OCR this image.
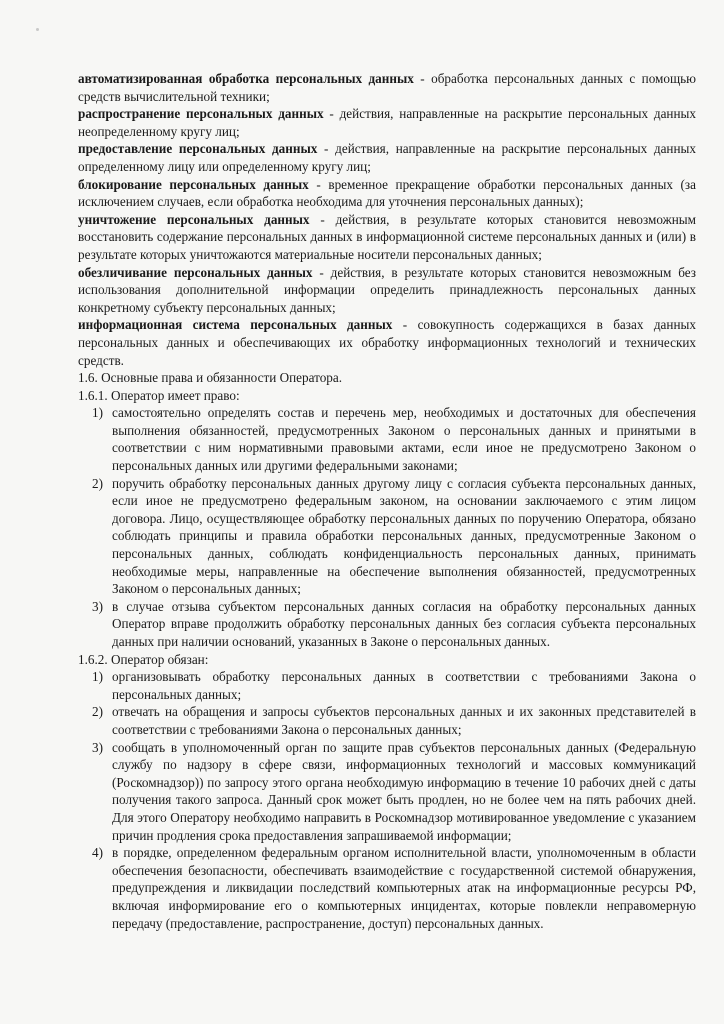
автоматизированная обработка персональных данных - обработка персональных данных с помощью средств вычислительной техники;

распространение персональных данных - действия, направленные на раскрытие персональных данных неопределенному кругу лиц;

предоставление персональных данных - действия, направленные на раскрытие персональных данных определенному лицу или определенному кругу лиц;

блокирование персональных данных - временное прекращение обработки персональных данных (за исключением случаев, если обработка необходима для уточнения персональных данных);

уничтожение персональных данных - действия, в результате которых становится невозможным восстановить содержание персональных данных в информационной системе персональных данных и (или) в результате которых уничтожаются материальные носители персональных данных;

обезличивание персональных данных - действия, в результате которых становится невозможным без использования дополнительной информации определить принадлежность персональных данных конкретному субъекту персональных данных;

информационная система персональных данных - совокупность содержащихся в базах данных персональных данных и обеспечивающих их обработку информационных технологий и технических средств.

1.6. Основные права и обязанности Оператора.

1.6.1. Оператор имеет право:

1) самостоятельно определять состав и перечень мер, необходимых и достаточных для обеспечения выполнения обязанностей, предусмотренных Законом о персональных данных и принятыми в соответствии с ним нормативными правовыми актами, если иное не предусмотрено Законом о персональных данных или другими федеральными законами;
2) поручить обработку персональных данных другому лицу с согласия субъекта персональных данных, если иное не предусмотрено федеральным законом, на основании заключаемого с этим лицом договора. Лицо, осуществляющее обработку персональных данных по поручению Оператора, обязано соблюдать принципы и правила обработки персональных данных, предусмотренные Законом о персональных данных, соблюдать конфиденциальность персональных данных, принимать необходимые меры, направленные на обеспечение выполнения обязанностей, предусмотренных Законом о персональных данных;
3) в случае отзыва субъектом персональных данных согласия на обработку персональных данных Оператор вправе продолжить обработку персональных данных без согласия субъекта персональных данных при наличии оснований, указанных в Законе о персональных данных.

1.6.2. Оператор обязан:

1) организовывать обработку персональных данных в соответствии с требованиями Закона о персональных данных;
2) отвечать на обращения и запросы субъектов персональных данных и их законных представителей в соответствии с требованиями Закона о персональных данных;
3) сообщать в уполномоченный орган по защите прав субъектов персональных данных (Федеральную службу по надзору в сфере связи, информационных технологий и массовых коммуникаций (Роскомнадзор)) по запросу этого органа необходимую информацию в течение 10 рабочих дней с даты получения такого запроса. Данный срок может быть продлен, но не более чем на пять рабочих дней. Для этого Оператору необходимо направить в Роскомнадзор мотивированное уведомление с указанием причин продления срока предоставления запрашиваемой информации;
4) в порядке, определенном федеральным органом исполнительной власти, уполномоченным в области обеспечения безопасности, обеспечивать взаимодействие с государственной системой обнаружения, предупреждения и ликвидации последствий компьютерных атак на информационные ресурсы РФ, включая информирование его о компьютерных инцидентах, которые повлекли неправомерную передачу (предоставление, распространение, доступ) персональных данных.
